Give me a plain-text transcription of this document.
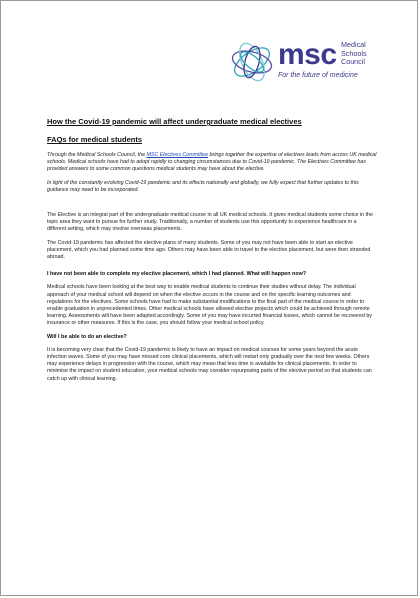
msc Medical
Schools
Council
For the future of medicine
How the Covid-19 pandemic will affect undergraduate medical electives
FAQs for medical students

Through the Medical Schools Council, the MSC Electives Committee brings together the expertise of electives leads from across UK medical schools. Medical schools have had to adopt rapidly to changing circumstances due to Covid-19 pandemic. The Electives Committee has provided answers to some common questions medical students may have about the elective.

In light of the constantly evolving Covid-19 pandemic and its effects nationally and globally, we fully expect that further updates to this guidance may need to be incorporated.

The Elective is an integral part of the undergraduate medical course in all UK medical schools. It gives medical students some choice in the topic area they want to pursue for further study. Traditionally, a number of students use this opportunity to experience healthcare in a different setting, which may involve overseas placements.

The Covid-19 pandemic has affected the elective plans of many students. Some of you may not have been able to start an elective placement, which you had planned some time ago. Others may have been able to travel to the elective placement, but were then stranded abroad.

I have not been able to complete my elective placement, which I had planned. What will happen now?

Medical schools have been looking at the best way to enable medical students to continue their studies without delay. The individual approach of your medical school will depend on when the elective occurs in the course and on the specific learning outcomes and regulations for the electives. Some schools have had to make substantial modifications to the final part of the medical course in order to enable graduation in unprecedented times. Other medical schools have allowed elective projects which could be achieved through remote learning. Assessments will have been adapted accordingly. Some of you may have incurred financial losses, which cannot be recovered by insurance or other measures. If this is the case, you should follow your medical school policy.

Will I be able to do an elective?

It is becoming very clear that the Covid-19 pandemic is likely to have an impact on medical courses for some years beyond the acute infection waves. Some of you may have missed core clinical placements, which will restart only gradually over the next few weeks. Others may experience delays in progression with the course, which may mean that less time is available for clinical placements. In order to minimise the impact on student education, your medical schools may consider repurposing parts of the elective period so that students can catch up with clinical learning.
